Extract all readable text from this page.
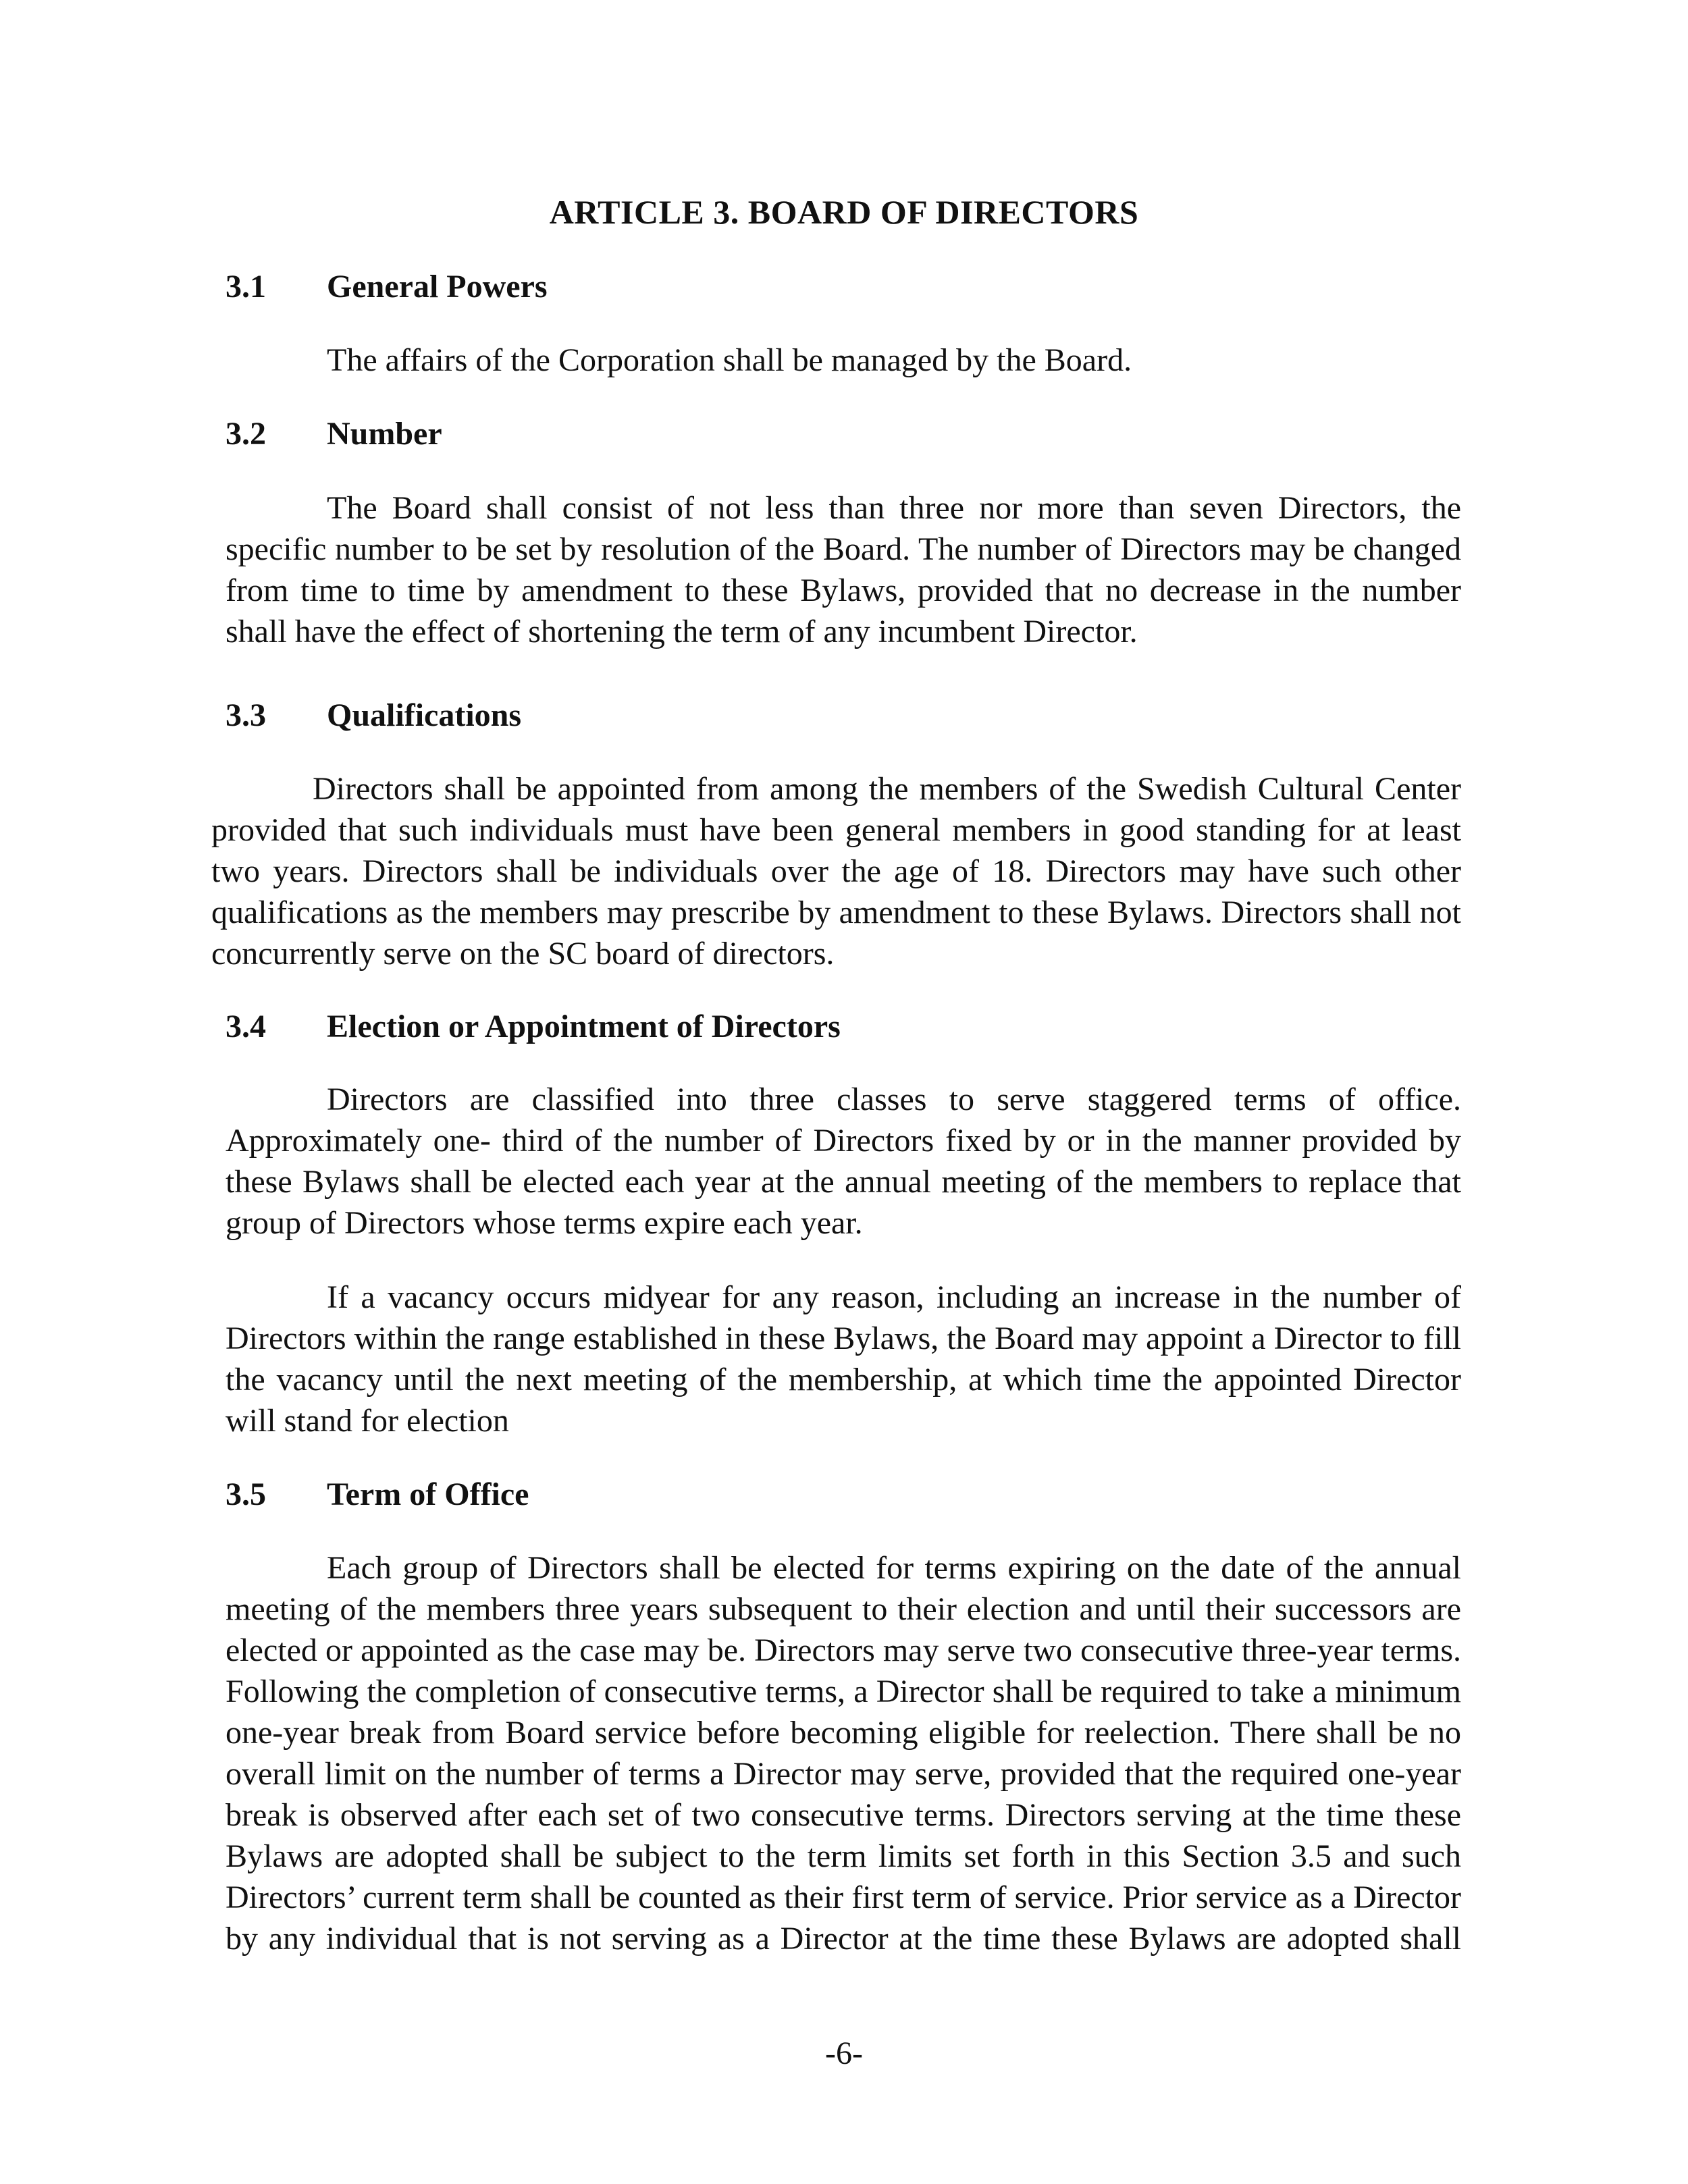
ARTICLE 3. BOARD OF DIRECTORS
3.1 General Powers

The affairs of the Corporation shall be managed by the Board.

3.2 Number

The Board shall consist of not less than three nor more than seven Directors, the specific number to be set by resolution of the Board. The number of Directors may be changed from time to time by amendment to these Bylaws, provided that no decrease in the number shall have the effect of shortening the term of any incumbent Director.

3.3 Qualifications

Directors shall be appointed from among the members of the Swedish Cultural Center provided that such individuals must have been general members in good standing for at least two years. Directors shall be individuals over the age of 18. Directors may have such other qualifications as the members may prescribe by amendment to these Bylaws. Directors shall not concurrently serve on the SC board of directors.

3.4 Election or Appointment of Directors

Directors are classified into three classes to serve staggered terms of office. Approximately one- third of the number of Directors fixed by or in the manner provided by these Bylaws shall be elected each year at the annual meeting of the members to replace that group of Directors whose terms expire each year.

If a vacancy occurs midyear for any reason, including an increase in the number of Directors within the range established in these Bylaws, the Board may appoint a Director to fill the vacancy until the next meeting of the membership, at which time the appointed Director will stand for election

3.5 Term of Office

Each group of Directors shall be elected for terms expiring on the date of the annual meeting of the members three years subsequent to their election and until their successors are elected or appointed as the case may be. Directors may serve two consecutive three-year terms. Following the completion of consecutive terms, a Director shall be required to take a minimum one-year break from Board service before becoming eligible for reelection. There shall be no overall limit on the number of terms a Director may serve, provided that the required one-year break is observed after each set of two consecutive terms. Directors serving at the time these Bylaws are adopted shall be subject to the term limits set forth in this Section 3.5 and such Directors’ current term shall be counted as their first term of service. Prior service as a Director by any individual that is not serving as a Director at the time these Bylaws are adopted shall

-6-
